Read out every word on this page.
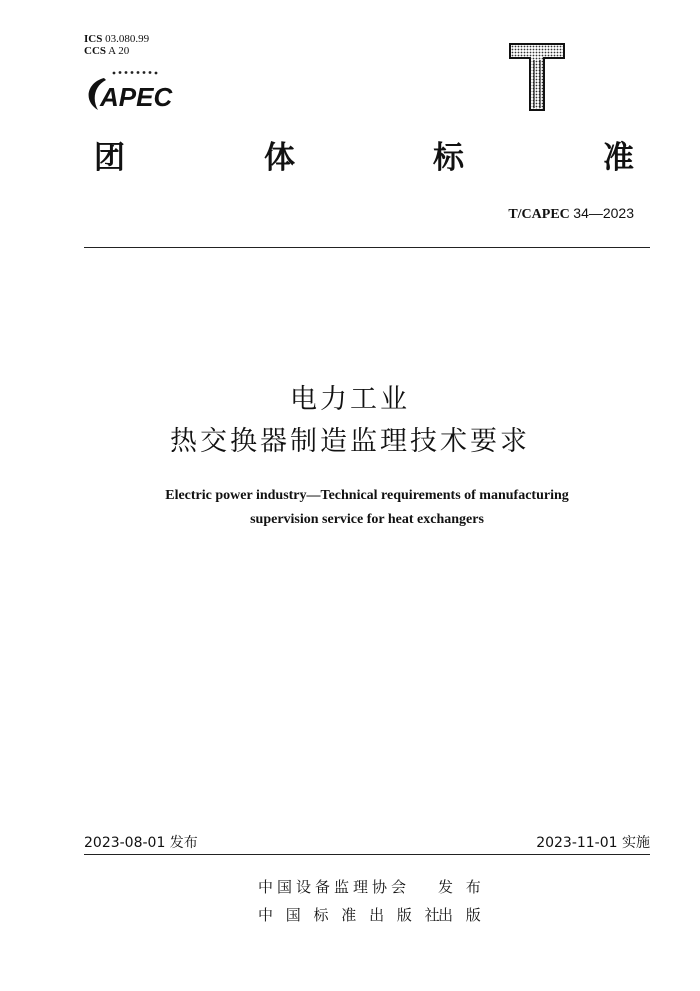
ICS 03.080.99
CCS A 20
APEC
团	体	标	准
T/CAPEC 34—2023
电力工业
热交换器制造监理技术要求
Electric power industry—Technical requirements of manufacturing
supervision service for heat exchangers
2023-08-01 发布	2023-11-01 实施
中国设备监理协会 发 布
中 国 标 准 出 版 社
出 版
